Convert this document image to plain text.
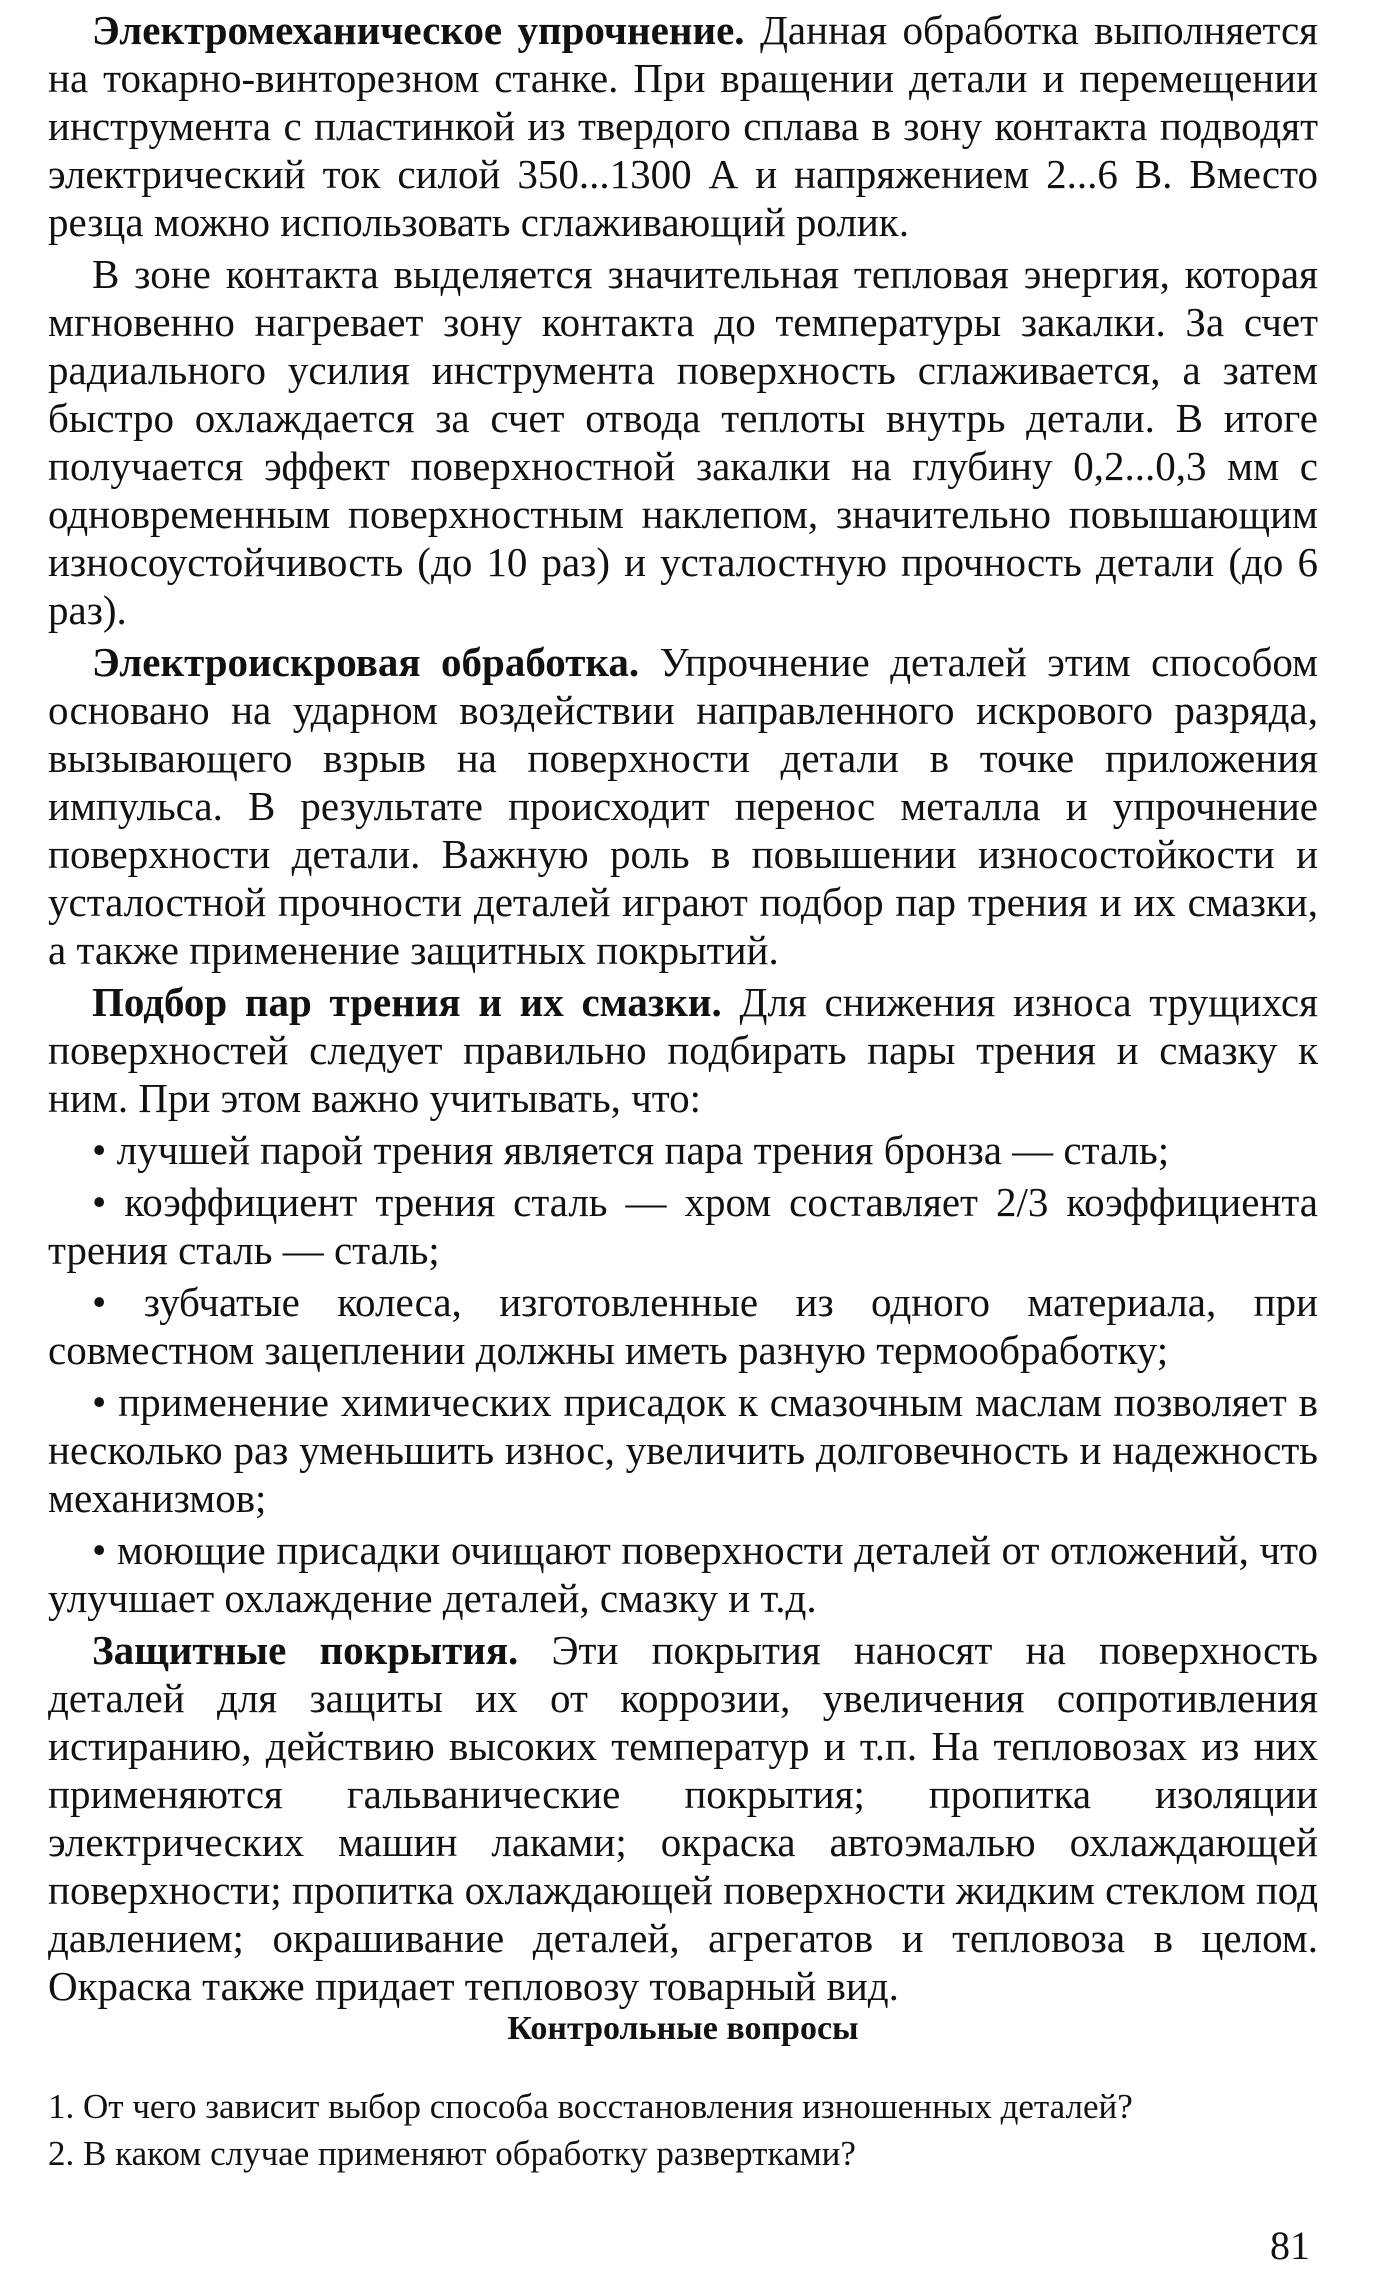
Электромеханическое упрочнение. Данная обработка выполняется на токарно-винторезном станке. При вращении детали и перемещении инструмента с пластинкой из твердого сплава в зону контакта подводят электрический ток силой 350...1300 А и напряжением 2...6 В. Вместо резца можно использовать сглаживающий ролик.

В зоне контакта выделяется значительная тепловая энергия, которая мгновенно нагревает зону контакта до температуры закалки. За счет радиального усилия инструмента поверхность сглаживается, а затем быстро охлаждается за счет отвода теплоты внутрь детали. В итоге получается эффект поверхностной закалки на глубину 0,2...0,3 мм с одновременным поверхностным наклепом, значительно повышающим износоустойчивость (до 10 раз) и усталостную прочность детали (до 6 раз).

Электроискровая обработка. Упрочнение деталей этим способом основано на ударном воздействии направленного искрового разряда, вызывающего взрыв на поверхности детали в точке приложения импульса. В результате происходит перенос металла и упрочнение поверхности детали. Важную роль в повышении износостойкости и усталостной прочности деталей играют подбор пар трения и их смазки, а также применение защитных покрытий.

Подбор пар трения и их смазки. Для снижения износа трущихся поверхностей следует правильно подбирать пары трения и смазку к ним. При этом важно учитывать, что:

• лучшей парой трения является пара трения бронза — сталь;

• коэффициент трения сталь — хром составляет 2/3 коэффициента трения сталь — сталь;

• зубчатые колеса, изготовленные из одного материала, при совместном зацеплении должны иметь разную термообработку;

• применение химических присадок к смазочным маслам позволяет в несколько раз уменьшить износ, увеличить долговечность и надежность механизмов;

• моющие присадки очищают поверхности деталей от отложений, что улучшает охлаждение деталей, смазку и т.д.

Защитные покрытия. Эти покрытия наносят на поверхность деталей для защиты их от коррозии, увеличения сопротивления истиранию, действию высоких температур и т.п. На тепловозах из них применяются гальванические покрытия; пропитка изоляции электрических машин лаками; окраска автоэмалью охлаждающей поверхности; пропитка охлаждающей поверхности жидким стеклом под давлением; окрашивание деталей, агрегатов и тепловоза в целом. Окраска также придает тепловозу товарный вид.

Контрольные вопросы
1. От чего зависит выбор способа восстановления изношенных деталей?
2. В каком случае применяют обработку развертками?
81
